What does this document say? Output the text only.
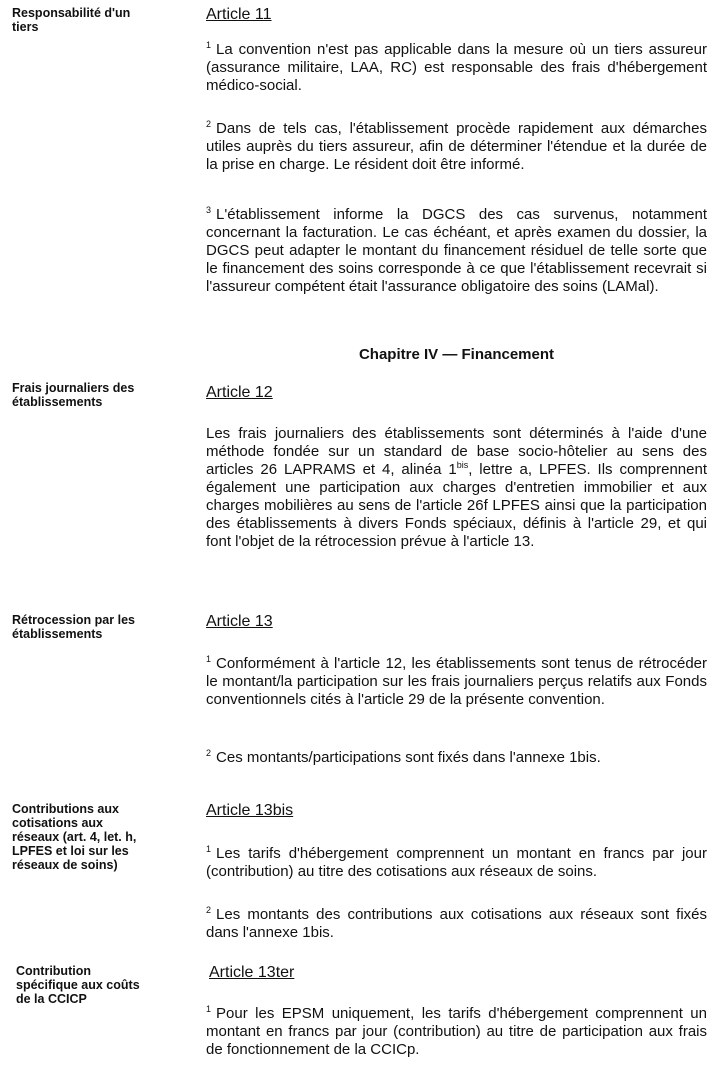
Responsabilité d'un tiers
Article 11

$^1$ La convention n'est pas applicable dans la mesure où un tiers assureur (assurance militaire, LAA, RC) est responsable des frais d'hébergement médico-social.

$^2$ Dans de tels cas, l'établissement procède rapidement aux démarches utiles auprès du tiers assureur, afin de déterminer l'étendue et la durée de la prise en charge. Le résident doit être informé.

$^3$ L'établissement informe la DGCS des cas survenus, notamment concernant la facturation. Le cas échéant, et après examen du dossier, la DGCS peut adapter le montant du financement résiduel de telle sorte que le financement des soins corresponde à ce que l'établissement recevrait si l'assureur compétent était l'assurance obligatoire des soins (LAMal).

Chapitre IV — Financement
Frais journaliers des établissements
Article 12

Les frais journaliers des établissements sont déterminés à l'aide d'une méthode fondée sur un standard de base socio-hôtelier au sens des articles 26 LAPRAMS et 4, alinéa $1^{bis}$, lettre a, LPFES. Ils comprennent également une participation aux charges d'entretien immobilier et aux charges mobilières au sens de l'article 26f LPFES ainsi que la participation des établissements à divers Fonds spéciaux, définis à l'article 29, et qui font l'objet de la rétrocession prévue à l'article 13.

Rétrocession par les établissements
Article 13

$^1$ Conformément à l'article 12, les établissements sont tenus de rétrocéder le montant/la participation sur les frais journaliers perçus relatifs aux Fonds conventionnels cités à l'article 29 de la présente convention.

$^2$ Ces montants/participations sont fixés dans l'annexe 1bis.

Contributions aux cotisations aux réseaux (art. 4, let. h, LPFES et loi sur les réseaux de soins)
Article 13bis

$^1$ Les tarifs d'hébergement comprennent un montant en francs par jour (contribution) au titre des cotisations aux réseaux de soins.

$^2$ Les montants des contributions aux cotisations aux réseaux sont fixés dans l'annexe 1bis.

Contribution spécifique aux coûts de la CCICP
Article 13ter

$^1$ Pour les EPSM uniquement, les tarifs d'hébergement comprennent un montant en francs par jour (contribution) au titre de participation aux frais de fonctionnement de la CCICp.
